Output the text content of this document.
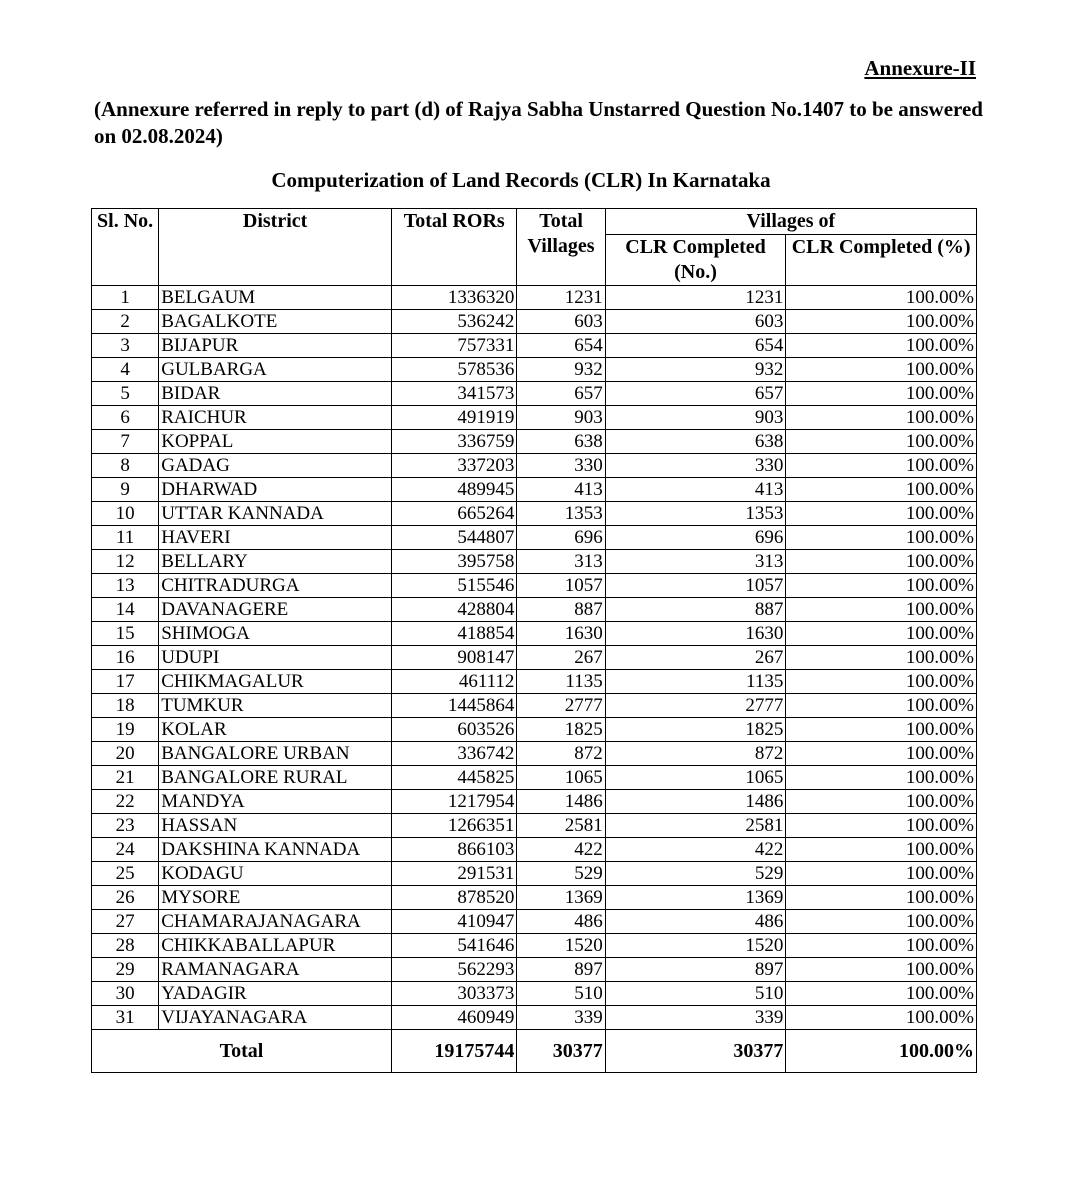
Annexure-II
(Annexure referred in reply to part (d) of Rajya Sabha Unstarred Question No.1407 to be answered on 02.08.2024)
Computerization of Land Records (CLR) In Karnataka
Sl. No.	District	Total RORs	Total Villages	Villages of	
				CLR Completed (No.)	CLR Completed (%)
1	BELGAUM	1336320	1231	1231	100.00%
2	BAGALKOTE	536242	603	603	100.00%
3	BIJAPUR	757331	654	654	100.00%
4	GULBARGA	578536	932	932	100.00%
5	BIDAR	341573	657	657	100.00%
6	RAICHUR	491919	903	903	100.00%
7	KOPPAL	336759	638	638	100.00%
8	GADAG	337203	330	330	100.00%
9	DHARWAD	489945	413	413	100.00%
10	UTTAR KANNADA	665264	1353	1353	100.00%
11	HAVERI	544807	696	696	100.00%
12	BELLARY	395758	313	313	100.00%
13	CHITRADURGA	515546	1057	1057	100.00%
14	DAVANAGERE	428804	887	887	100.00%
15	SHIMOGA	418854	1630	1630	100.00%
16	UDUPI	908147	267	267	100.00%
17	CHIKMAGALUR	461112	1135	1135	100.00%
18	TUMKUR	1445864	2777	2777	100.00%
19	KOLAR	603526	1825	1825	100.00%
20	BANGALORE URBAN	336742	872	872	100.00%
21	BANGALORE RURAL	445825	1065	1065	100.00%
22	MANDYA	1217954	1486	1486	100.00%
23	HASSAN	1266351	2581	2581	100.00%
24	DAKSHINA KANNADA	866103	422	422	100.00%
25	KODAGU	291531	529	529	100.00%
26	MYSORE	878520	1369	1369	100.00%
27	CHAMARAJANAGARA	410947	486	486	100.00%
28	CHIKKABALLAPUR	541646	1520	1520	100.00%
29	RAMANAGARA	562293	897	897	100.00%
30	YADAGIR	303373	510	510	100.00%
31	VIJAYANAGARA	460949	339	339	100.00%
Total		19175744	30377	30377	100.00%
